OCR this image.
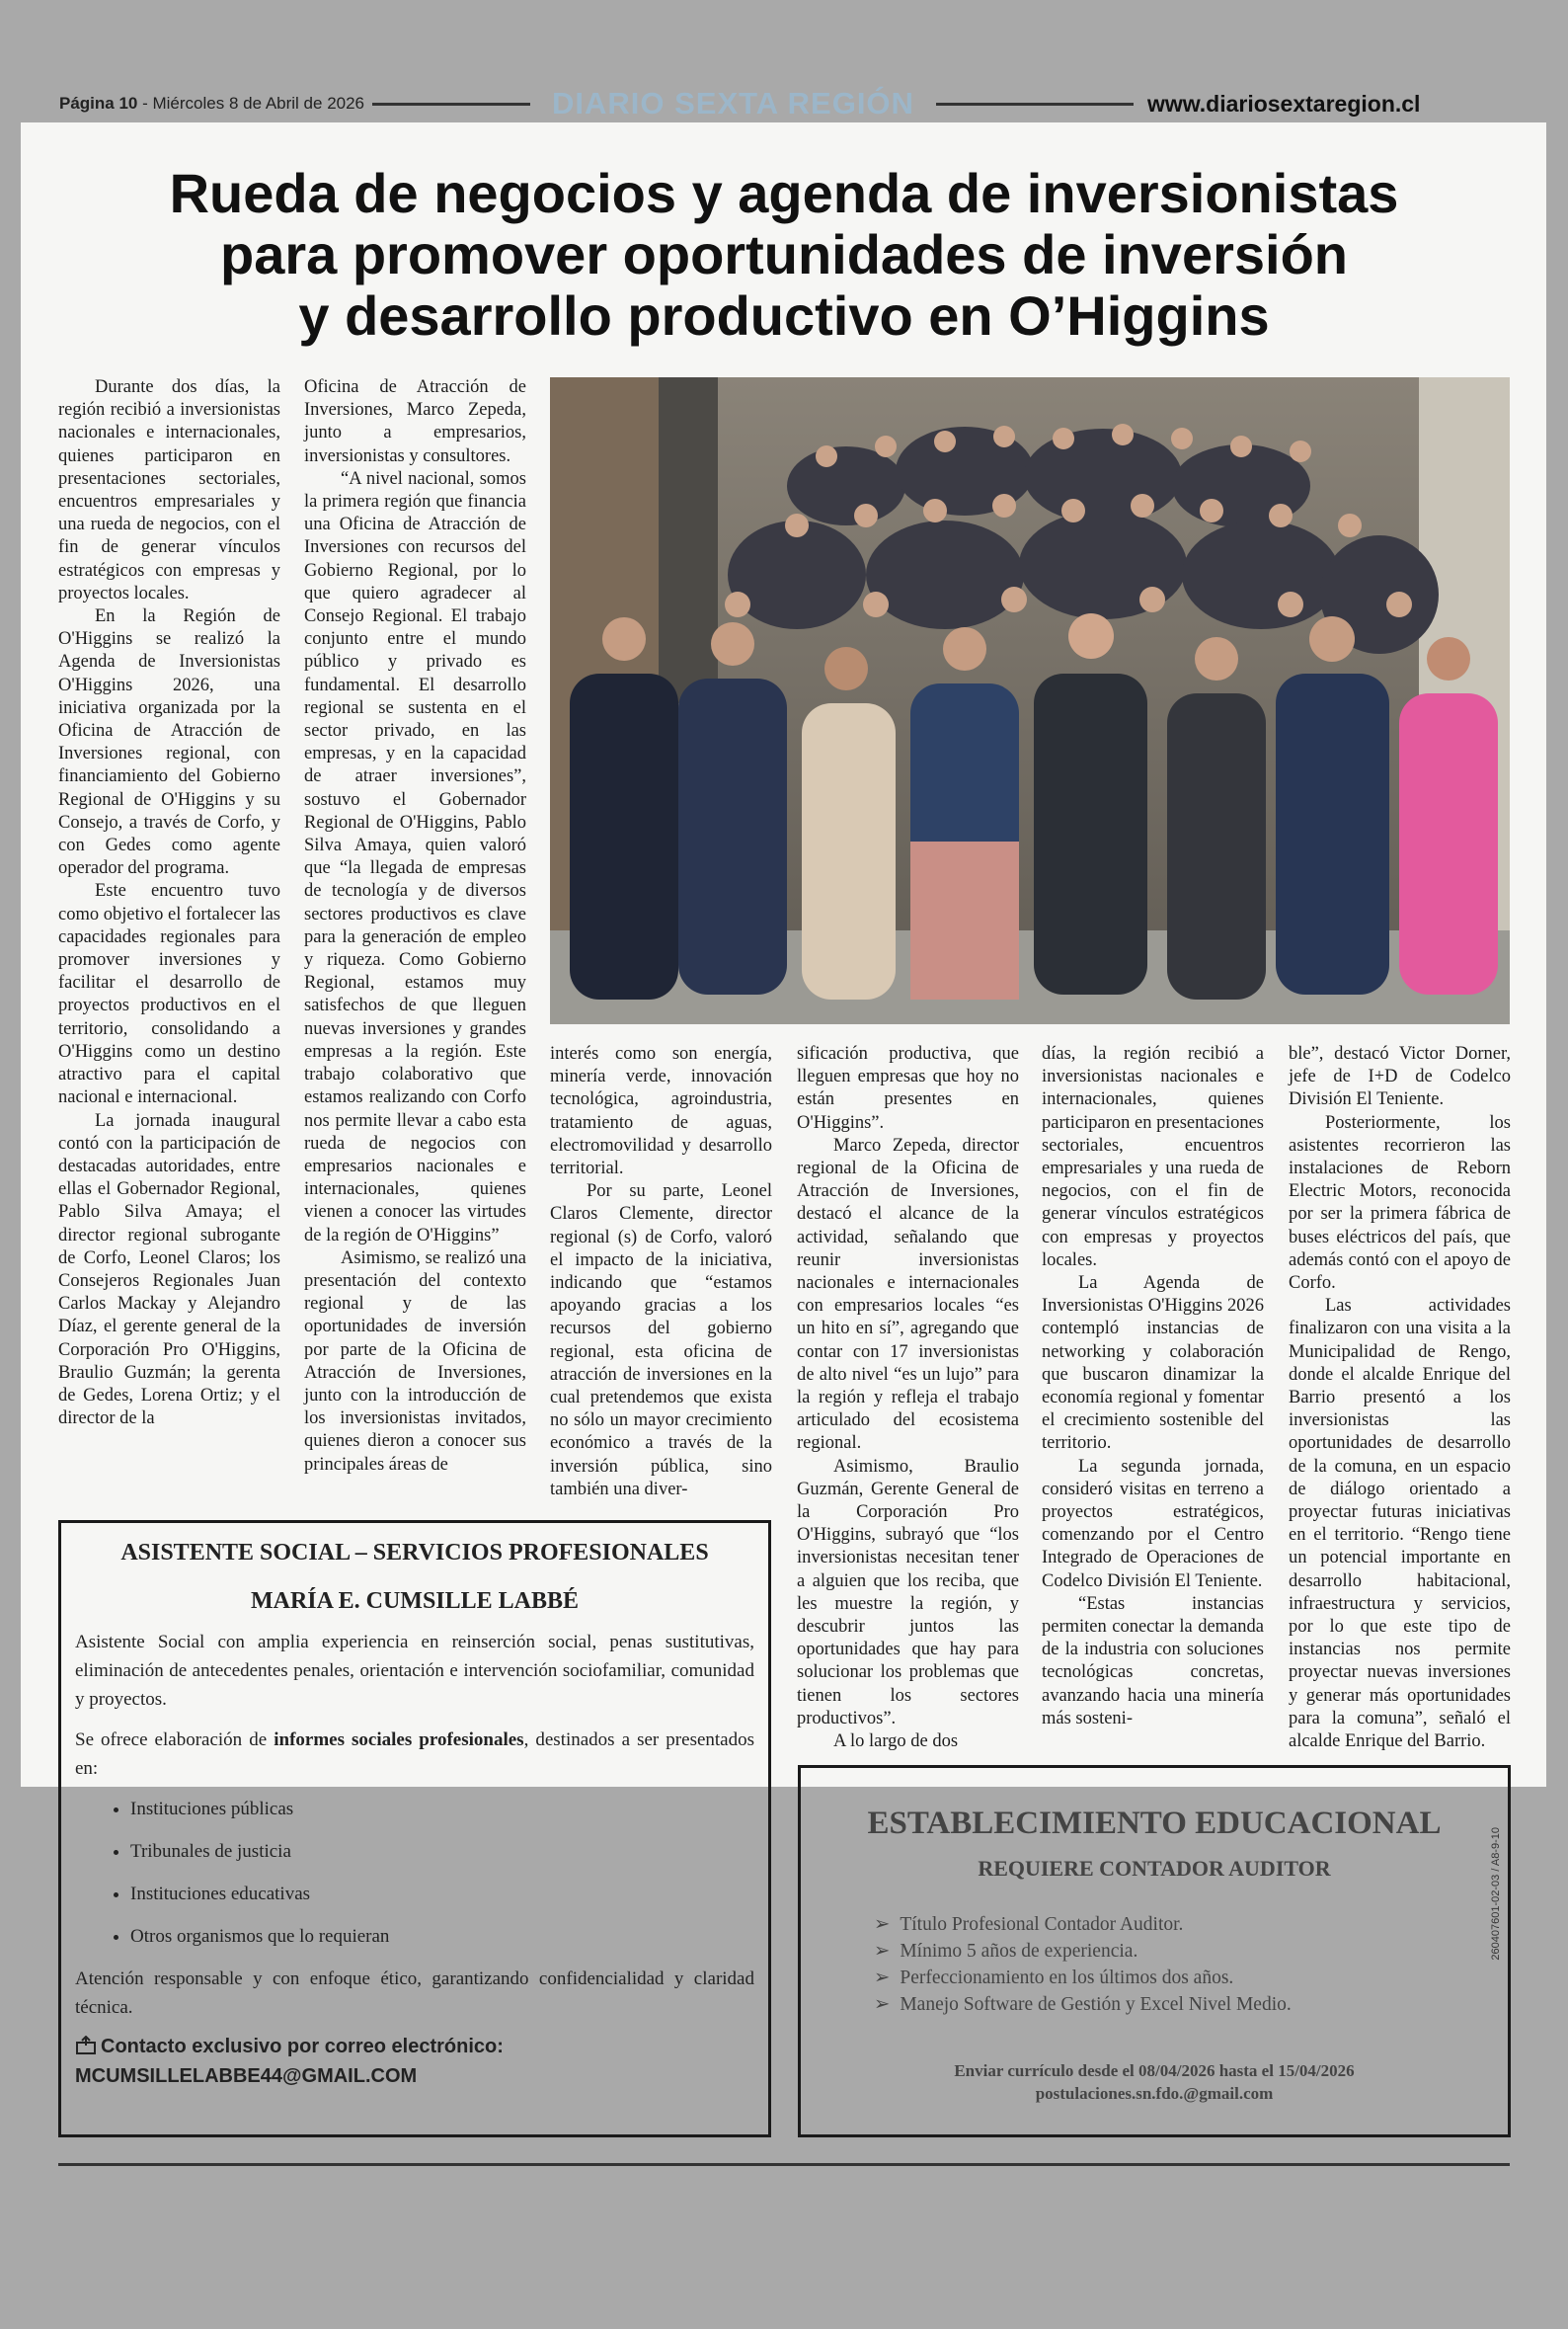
Página 10 - Miércoles 8 de Abril de 2026	DIARIO SEXTA REGIÓN	www.diariosextaregion.cl
Rueda de negocios y agenda de inversionistas
para promover oportunidades de inversión
y desarrollo productivo en O’Higgins

Durante dos días, la región recibió a inversionistas nacionales e internacionales, quienes participaron en presentaciones sectoriales, encuentros empresariales y una rueda de negocios, con el fin de generar vínculos estratégicos con empresas y proyectos locales.

En la Región de O'Higgins se realizó la Agenda de Inversionistas O'Higgins 2026, una iniciativa organizada por la Oficina de Atracción de Inversiones regional, con financiamiento del Gobierno Regional de O'Higgins y su Consejo, a través de Corfo, y con Gedes como agente operador del programa.

Este encuentro tuvo como objetivo el fortalecer las capacidades regionales para promover inversiones y facilitar el desarrollo de proyectos productivos en el territorio, consolidando a O'Higgins como un destino atractivo para el capital nacional e internacional.

La jornada inaugural contó con la participación de destacadas autoridades, entre ellas el Gobernador Regional, Pablo Silva Amaya; el director regional subrogante de Corfo, Leonel Claros; los Consejeros Regionales Juan Carlos Mackay y Alejandro Díaz, el gerente general de la Corporación Pro O'Higgins, Braulio Guzmán; la gerenta de Gedes, Lorena Ortiz; y el director de la

Oficina de Atracción de Inversiones, Marco Zepeda, junto a empresarios, inversionistas y consultores.

“A nivel nacional, somos la primera región que financia una Oficina de Atracción de Inversiones con recursos del Gobierno Regional, por lo que quiero agradecer al Consejo Regional. El trabajo conjunto entre el mundo público y privado es fundamental. El desarrollo regional se sustenta en el sector privado, en las empresas, y en la capacidad de atraer inversiones”, sostuvo el Gobernador Regional de O'Higgins, Pablo Silva Amaya, quien valoró que “la llegada de empresas de tecnología y de diversos sectores productivos es clave para la generación de empleo y riqueza. Como Gobierno Regional, estamos muy satisfechos de que lleguen nuevas inversiones y grandes empresas a la región. Este trabajo colaborativo que estamos realizando con Corfo nos permite llevar a cabo esta rueda de negocios con empresarios nacionales e internacionales, quienes vienen a conocer las virtudes de la región de O'Higgins”

Asimismo, se realizó una presentación del contexto regional y de las oportunidades de inversión por parte de la Oficina de Atracción de Inversiones, junto con la introducción de los inversionistas invitados, quienes dieron a conocer sus principales áreas de

interés como son energía, minería verde, innovación tecnológica, agroindustria, tratamiento de aguas, electromovilidad y desarrollo territorial.

Por su parte, Leonel Claros Clemente, director regional (s) de Corfo, valoró el impacto de la iniciativa, indicando que “estamos apoyando gracias a los recursos del gobierno regional, esta oficina de atracción de inversiones en la cual pretendemos que exista no sólo un mayor crecimiento económico a través de la inversión pública, sino también una diver-

sificación productiva, que lleguen empresas que hoy no están presentes en O'Higgins”.

Marco Zepeda, director regional de la Oficina de Atracción de Inversiones, destacó el alcance de la actividad, señalando que reunir inversionistas nacionales e internacionales con empresarios locales “es un hito en sí”, agregando que contar con 17 inversionistas de alto nivel “es un lujo” para la región y refleja el trabajo articulado del ecosistema regional.

Asimismo, Braulio Guzmán, Gerente General de la Corporación Pro O'Higgins, subrayó que “los inversionistas necesitan tener a alguien que los reciba, que les muestre la región, y descubrir juntos las oportunidades que hay para solucionar los problemas que tienen los sectores productivos”.

A lo largo de dos

días, la región recibió a inversionistas nacionales e internacionales, quienes participaron en presentaciones sectoriales, encuentros empresariales y una rueda de negocios, con el fin de generar vínculos estratégicos con empresas y proyectos locales.

La Agenda de Inversionistas O'Higgins 2026 contempló instancias de networking y colaboración que buscaron dinamizar la economía regional y fomentar el crecimiento sostenible del territorio.

La segunda jornada, consideró visitas en terreno a proyectos estratégicos, comenzando por el Centro Integrado de Operaciones de Codelco División El Teniente.

“Estas instancias permiten conectar la demanda de la industria con soluciones tecnológicas concretas, avanzando hacia una minería más sosteni-

ble”, destacó Victor Dorner, jefe de I+D de Codelco División El Teniente.

Posteriormente, los asistentes recorrieron las instalaciones de Reborn Electric Motors, reconocida por ser la primera fábrica de buses eléctricos del país, que además contó con el apoyo de Corfo.

Las actividades finalizaron con una visita a la Municipalidad de Rengo, donde el alcalde Enrique del Barrio presentó a los inversionistas las oportunidades de desarrollo de la comuna, en un espacio de diálogo orientado a proyectar futuras iniciativas en el territorio. “Rengo tiene un potencial importante en desarrollo habitacional, infraestructura y servicios, por lo que este tipo de instancias nos permite proyectar nuevas inversiones y generar más oportunidades para la comuna”, señaló el alcalde Enrique del Barrio.

ASISTENTE SOCIAL – SERVICIOS PROFESIONALES
MARÍA E. CUMSILLE LABBÉ
Asistente Social con amplia experiencia en reinserción social, penas sustitutivas, eliminación de antecedentes penales, orientación e intervención sociofamiliar, comunidad y proyectos.
Se ofrece elaboración de informes sociales profesionales, destinados a ser presentados en:
• Instituciones públicas
• Tribunales de justicia
• Instituciones educativas
• Otros organismos que lo requieran
Atención responsable y con enfoque ético, garantizando confidencialidad y claridad técnica.
Contacto exclusivo por correo electrónico:
MCUMSILLELABBE44@GMAIL.COM
ESTABLECIMIENTO EDUCACIONAL
REQUIERE CONTADOR AUDITOR
➢ Título Profesional Contador Auditor.
➢ Mínimo 5 años de experiencia.
➢ Perfeccionamiento en los últimos dos años.
➢ Manejo Software de Gestión y Excel Nivel Medio.
Enviar currículo desde el 08/04/2026 hasta el 15/04/2026
postulaciones.sn.fdo.@gmail.com
260407601-02-03 / A8-9-10
